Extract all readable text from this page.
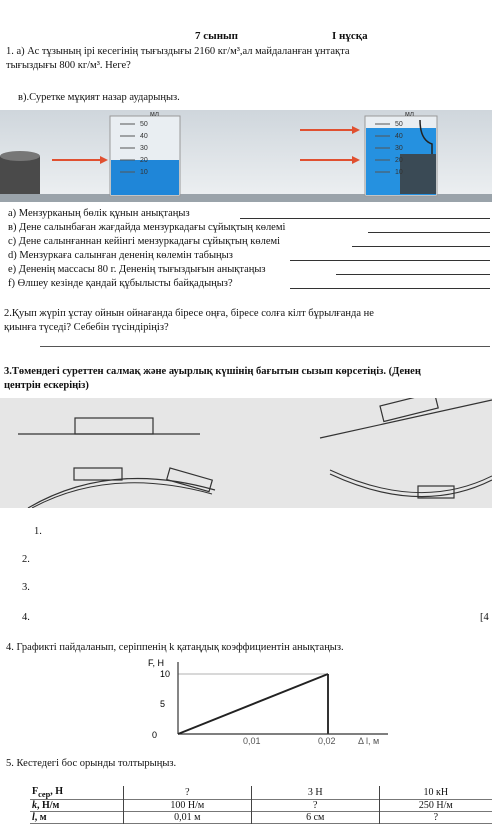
7 сынып	I нұсқа
1. а) Ас тұзының ірі кесегінің тығыздығы 2160 кг/м³,ал майдаланған ұнтақта
тығыздығы 800 кг/м³. Неге?
в).Суретке мұқият назар аударыңыз.
мл
50
40
30
20
10
мл
50
40
30
20
10
a) Мензурканың бөлік құнын анықтаңыз
в) Дене салынбаған жағдайда мензуркадағы сұйықтың көлемі
c) Дене салынғаннан кейінгі мензуркадағы сұйықтың көлемі
d) Мензуркаға салынған дененің көлемін табыңыз
e) Дененің массасы 80 г. Дененің тығыздығын анықтаңыз
f) Өлшеу кезінде қандай құбылысты байқадыңыз?
2.Қуып жүріп ұстау ойнын ойнағанда біресе оңға, біресе солға кілт бұрылғанда не
қиынға түседі? Себебін түсіндіріңіз?
3.Төмендегі суреттен салмақ және ауырлық күшінің бағытын сызып көрсетіңіз. (Денең
центрін ескеріңіз)
1.
2.
3.
4.	[4
4. Графикті пайдаланып, серіппенің k қатаңдық коэффициентін анықтаңыз.
F, Н
Δ l, м
0
5
10
0,01	0,02
5. Кестедегі бос орынды толтырыңыз.
$F_{сер}$, Н	?	3 Н	10 кН
k, Н/м	100 Н/м	?	250 Н/м
l, м	0,01 м	6 см	?
